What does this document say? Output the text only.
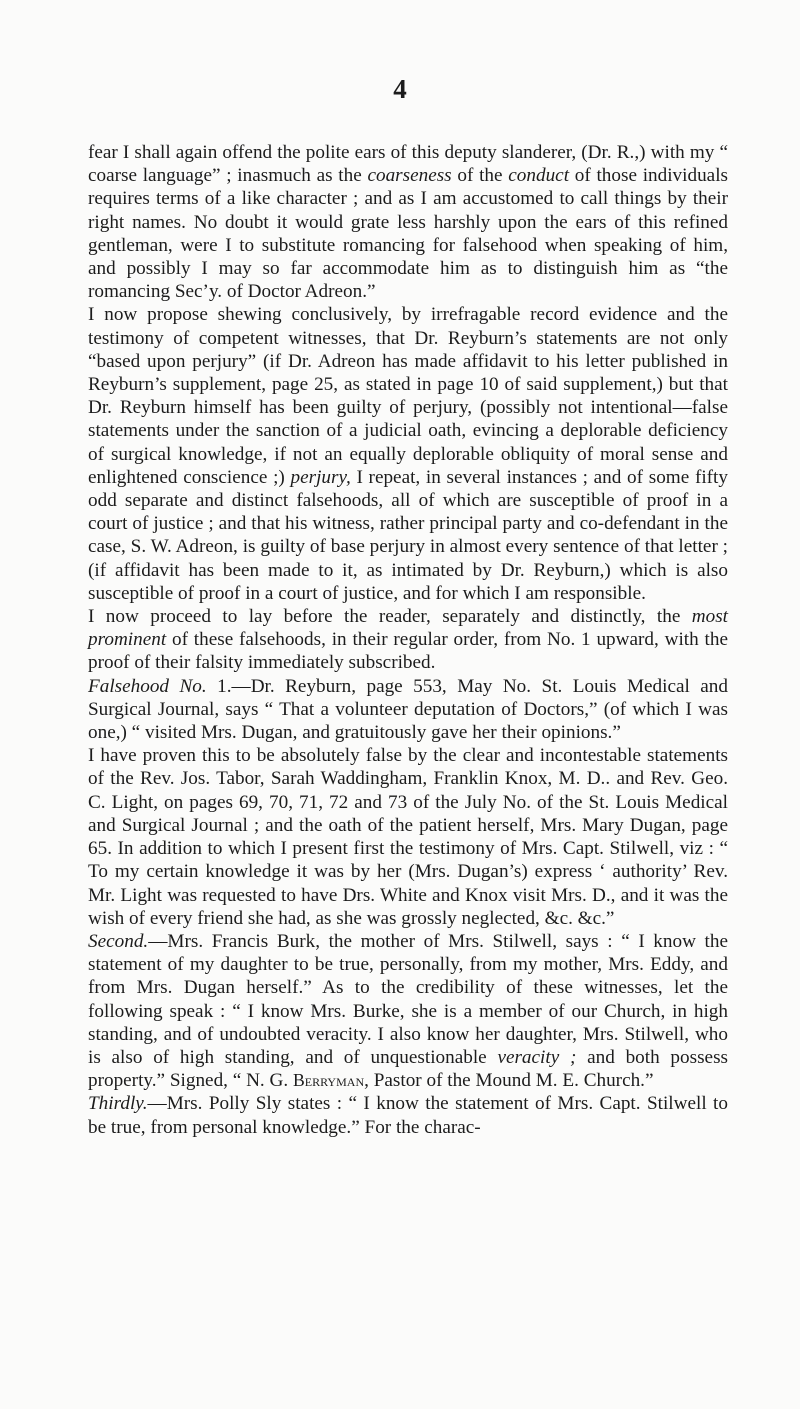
4

fear I shall again offend the polite ears of this deputy slanderer, (Dr. R.,) with my “ coarse language” ; inasmuch as the coarseness of the conduct of those individuals requires terms of a like character ; and as I am accustomed to call things by their right names. No doubt it would grate less harshly upon the ears of this refined gentleman, were I to substitute romancing for falsehood when speaking of him, and possibly I may so far accommodate him as to distinguish him as “the romancing Sec’y. of Doctor Adreon.”

I now propose shewing conclusively, by irrefragable record evidence and the testimony of competent witnesses, that Dr. Reyburn’s statements are not only “based upon perjury” (if Dr. Adreon has made affidavit to his letter published in Reyburn’s supplement, page 25, as stated in page 10 of said supplement,) but that Dr. Reyburn himself has been guilty of perjury, (possibly not intentional—false statements under the sanction of a judicial oath, evincing a deplorable deficiency of surgical knowledge, if not an equally deplorable obliquity of moral sense and enlightened conscience ;) perjury, I repeat, in several instances ; and of some fifty odd separate and distinct falsehoods, all of which are susceptible of proof in a court of justice ; and that his witness, rather principal party and co-defendant in the case, S. W. Adreon, is guilty of base perjury in almost every sentence of that letter ; (if affidavit has been made to it, as intimated by Dr. Reyburn,) which is also susceptible of proof in a court of justice, and for which I am responsible.

I now proceed to lay before the reader, separately and distinctly, the most prominent of these falsehoods, in their regular order, from No. 1 upward, with the proof of their falsity immediately subscribed.

Falsehood No. 1.—Dr. Reyburn, page 553, May No. St. Louis Medical and Surgical Journal, says “ That a volunteer deputation of Doctors,” (of which I was one,) “ visited Mrs. Dugan, and gratuitously gave her their opinions.”

I have proven this to be absolutely false by the clear and incontestable statements of the Rev. Jos. Tabor, Sarah Waddingham, Franklin Knox, M. D.. and Rev. Geo. C. Light, on pages 69, 70, 71, 72 and 73 of the July No. of the St. Louis Medical and Surgical Journal ; and the oath of the patient herself, Mrs. Mary Dugan, page 65. In addition to which I present first the testimony of Mrs. Capt. Stilwell, viz : “ To my certain knowledge it was by her (Mrs. Dugan’s) express ‘ authority’ Rev. Mr. Light was requested to have Drs. White and Knox visit Mrs. D., and it was the wish of every friend she had, as she was grossly neglected, &c. &c.”

Second.—Mrs. Francis Burk, the mother of Mrs. Stilwell, says : “ I know the statement of my daughter to be true, personally, from my mother, Mrs. Eddy, and from Mrs. Dugan herself.” As to the credibility of these witnesses, let the following speak : “ I know Mrs. Burke, she is a member of our Church, in high standing, and of undoubted veracity. I also know her daughter, Mrs. Stilwell, who is also of high standing, and of unquestionable veracity ; and both possess property.” Signed, “ N. G. Berryman, Pastor of the Mound M. E. Church.”

Thirdly.—Mrs. Polly Sly states : “ I know the statement of Mrs. Capt. Stilwell to be true, from personal knowledge.” For the charac-
